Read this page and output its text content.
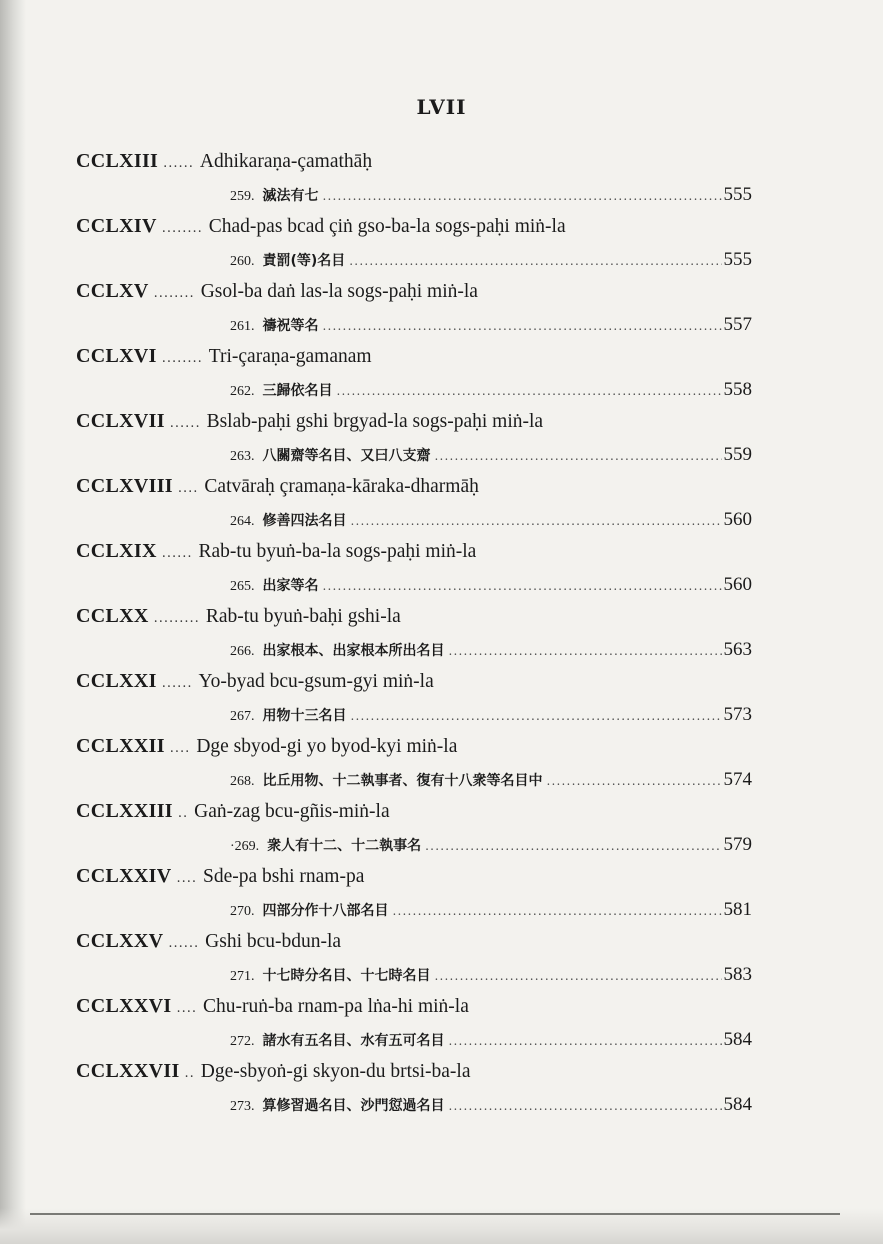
LVII
CCLXIII ...... Adhikaraṇa-çamathāḥ
259. 滅法有七 .....	555
CCLXIV ........ Chad-pas bcad çiṅ gso-ba-la sogs-paḥi miṅ-la
260. 責罰(等)名目 .....	555
CCLXV ........ Gsol-ba daṅ las-la sogs-paḥi miṅ-la
261. 禱祝等名 .....	557
CCLXVI ........ Tri-çaraṇa-gamanam
262. 三歸依名目 .....	558
CCLXVII ...... Bslab-paḥi gshi brgyad-la sogs-paḥi miṅ-la
263. 八關齋等名目、又曰八支齋 .....	559
CCLXVIII .... Catvāraḥ çramaṇa-kāraka-dharmāḥ
264. 修善四法名目 .....	560
CCLXIX ...... Rab-tu byuṅ-ba-la sogs-paḥi miṅ-la
265. 出家等名 .....	560
CCLXX ......... Rab-tu byuṅ-baḥi gshi-la
266. 出家根本、出家根本所出名目 .....	563
CCLXXI ...... Yo-byad bcu-gsum-gyi miṅ-la
267. 用物十三名目 .....	573
CCLXXII .... Dge sbyod-gi yo byod-kyi miṅ-la
268. 比丘用物、十二執事者、復有十八衆等名目中 .....	574
CCLXXIII .. Gaṅ-zag bcu-gñis-miṅ-la
·269. 衆人有十二、十二執事名 .....	579
CCLXXIV .... Sde-pa bshi rnam-pa
270. 四部分作十八部名目 .....	581
CCLXXV ...... Gshi bcu-bdun-la
271. 十七時分名目、十七時名目 .....	583
CCLXXVI .... Chu-ruṅ-ba rnam-pa lṅa-hi miṅ-la
272. 諸水有五名目、水有五可名目 .....	584
CCLXXVII .. Dge-sbyoṅ-gi skyon-du brtsi-ba-la
273. 算修習過名目、沙門愆過名目 .....	584
